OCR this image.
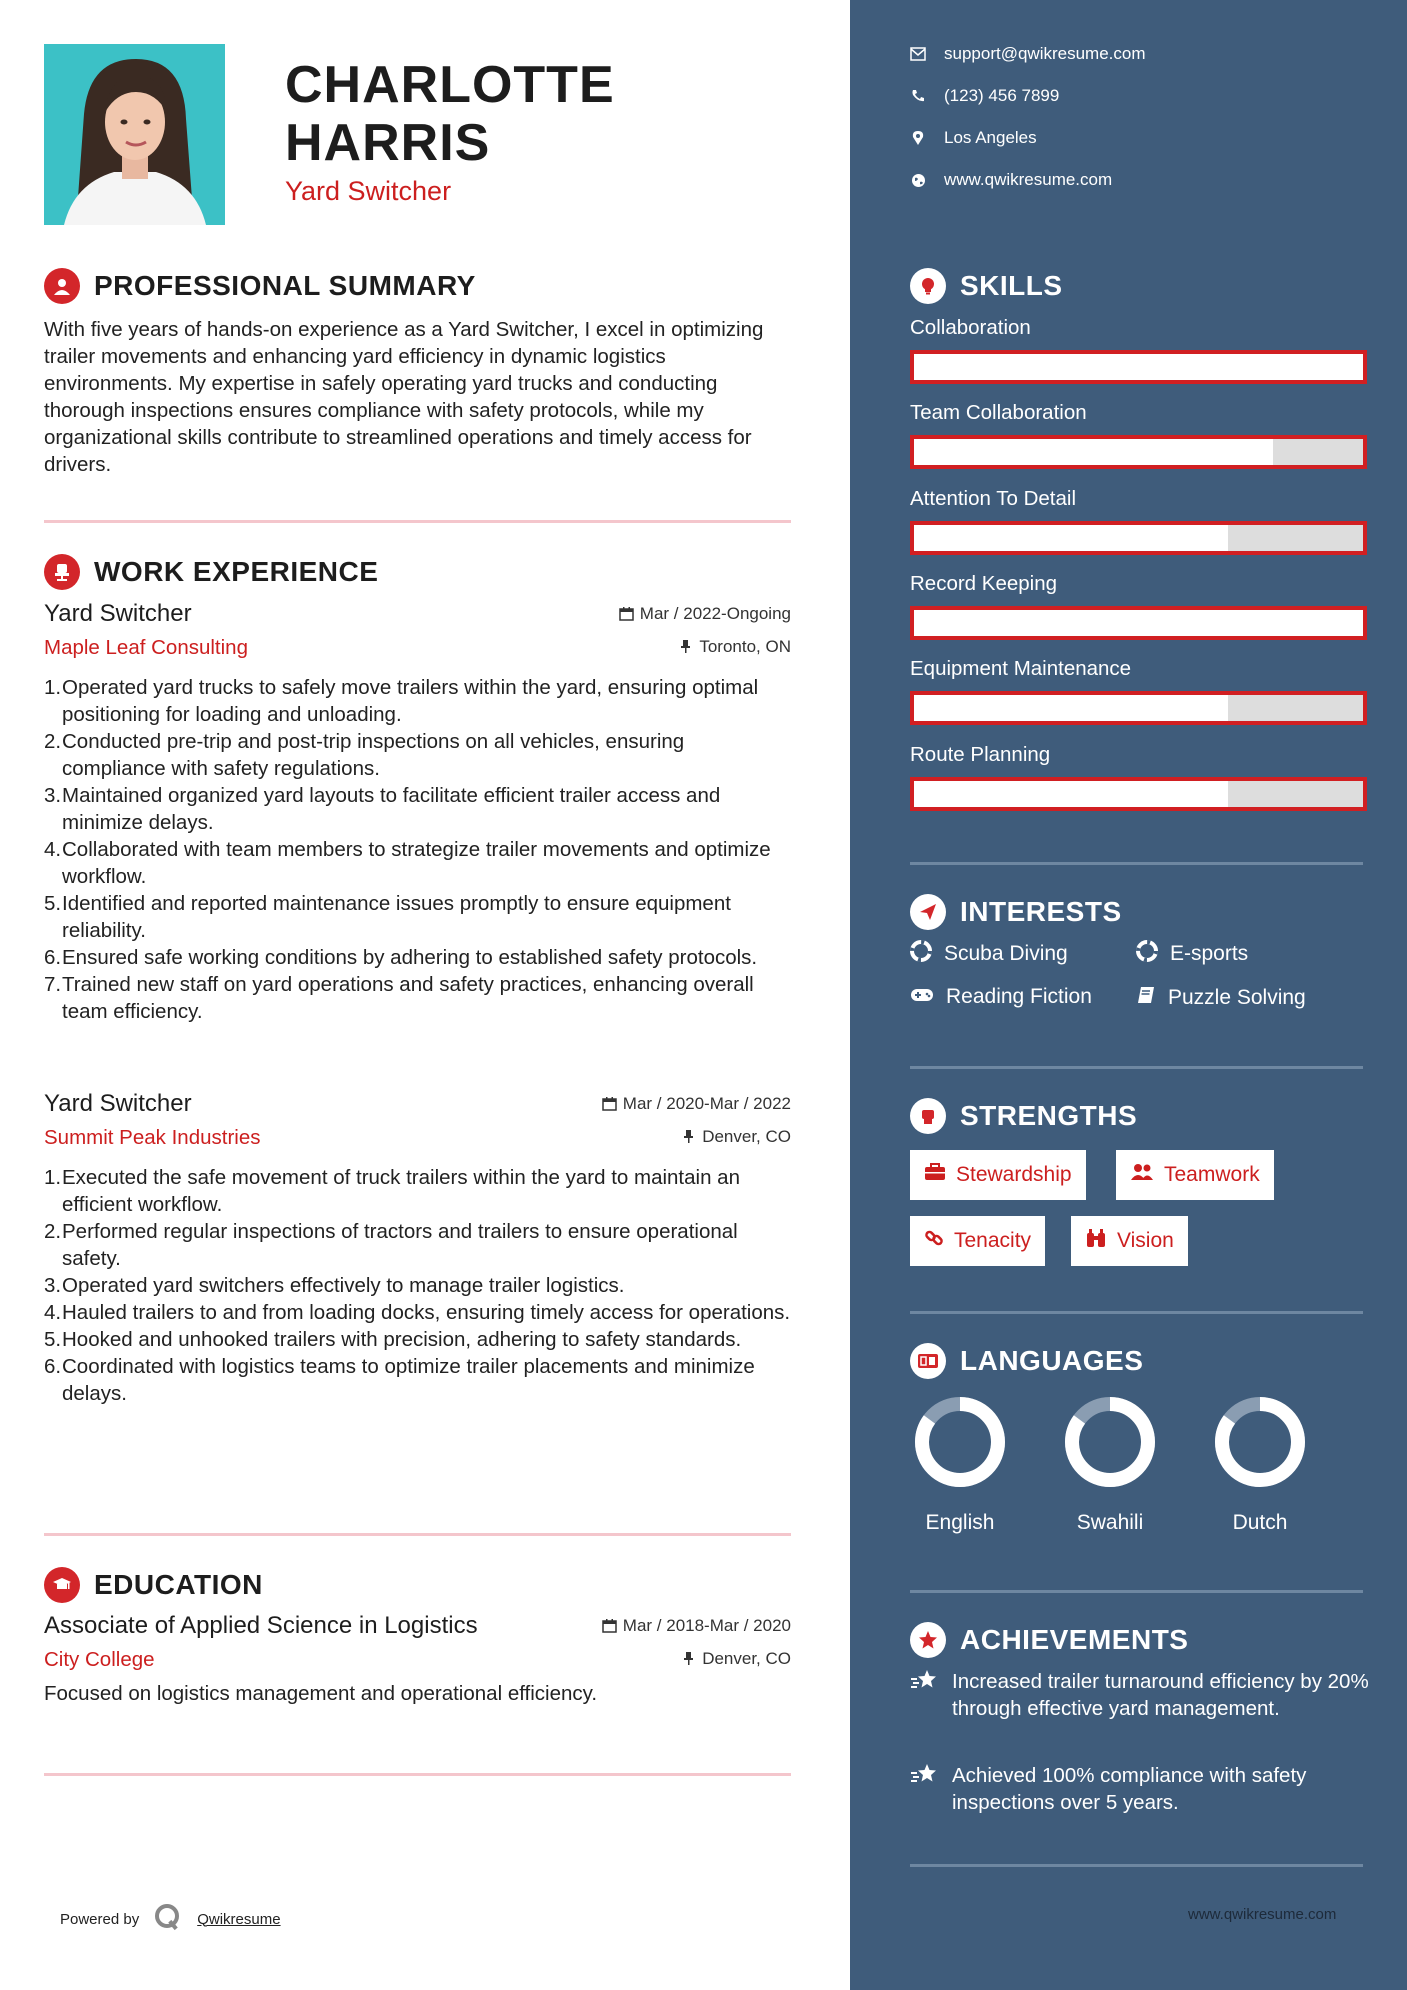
CHARLOTTE
HARRIS
Yard Switcher
PROFESSIONAL SUMMARY
With five years of hands-on experience as a Yard Switcher, I excel in optimizing trailer movements and enhancing yard efficiency in dynamic logistics environments. My expertise in safely operating yard trucks and conducting thorough inspections ensures compliance with safety protocols, while my organizational skills contribute to streamlined operations and timely access for drivers.
WORK EXPERIENCE
Yard Switcher	Mar / 2022-Ongoing
Maple Leaf Consulting	Toronto, ON
1.Operated yard trucks to safely move trailers within the yard, ensuring optimal positioning for loading and unloading.
2.Conducted pre-trip and post-trip inspections on all vehicles, ensuring compliance with safety regulations.
3.Maintained organized yard layouts to facilitate efficient trailer access and minimize delays.
4.Collaborated with team members to strategize trailer movements and optimize workflow.
5.Identified and reported maintenance issues promptly to ensure equipment reliability.
6.Ensured safe working conditions by adhering to established safety protocols.
7.Trained new staff on yard operations and safety practices, enhancing overall team efficiency.
Yard Switcher	Mar / 2020-Mar / 2022
Summit Peak Industries	Denver, CO
1.Executed the safe movement of truck trailers within the yard to maintain an efficient workflow.
2.Performed regular inspections of tractors and trailers to ensure operational safety.
3.Operated yard switchers effectively to manage trailer logistics.
4.Hauled trailers to and from loading docks, ensuring timely access for operations.
5.Hooked and unhooked trailers with precision, adhering to safety standards.
6.Coordinated with logistics teams to optimize trailer placements and minimize delays.
EDUCATION
Associate of Applied Science in Logistics	Mar / 2018-Mar / 2020
City College	Denver, CO
Focused on logistics management and operational efficiency.
Powered by	Qwikresume
support@qwikresume.com
(123) 456 7899
Los Angeles
www.qwikresume.com
SKILLS
Collaboration
Team Collaboration
Attention To Detail
Record Keeping
Equipment Maintenance
Route Planning
INTERESTS
Scuba Diving	E-sports
Reading Fiction	Puzzle Solving
STRENGTHS
Stewardship	Teamwork
Tenacity	Vision
LANGUAGES
English	Swahili	Dutch
ACHIEVEMENTS
Increased trailer turnaround efficiency by 20% through effective yard management.
Achieved 100% compliance with safety inspections over 5 years.
www.qwikresume.com
